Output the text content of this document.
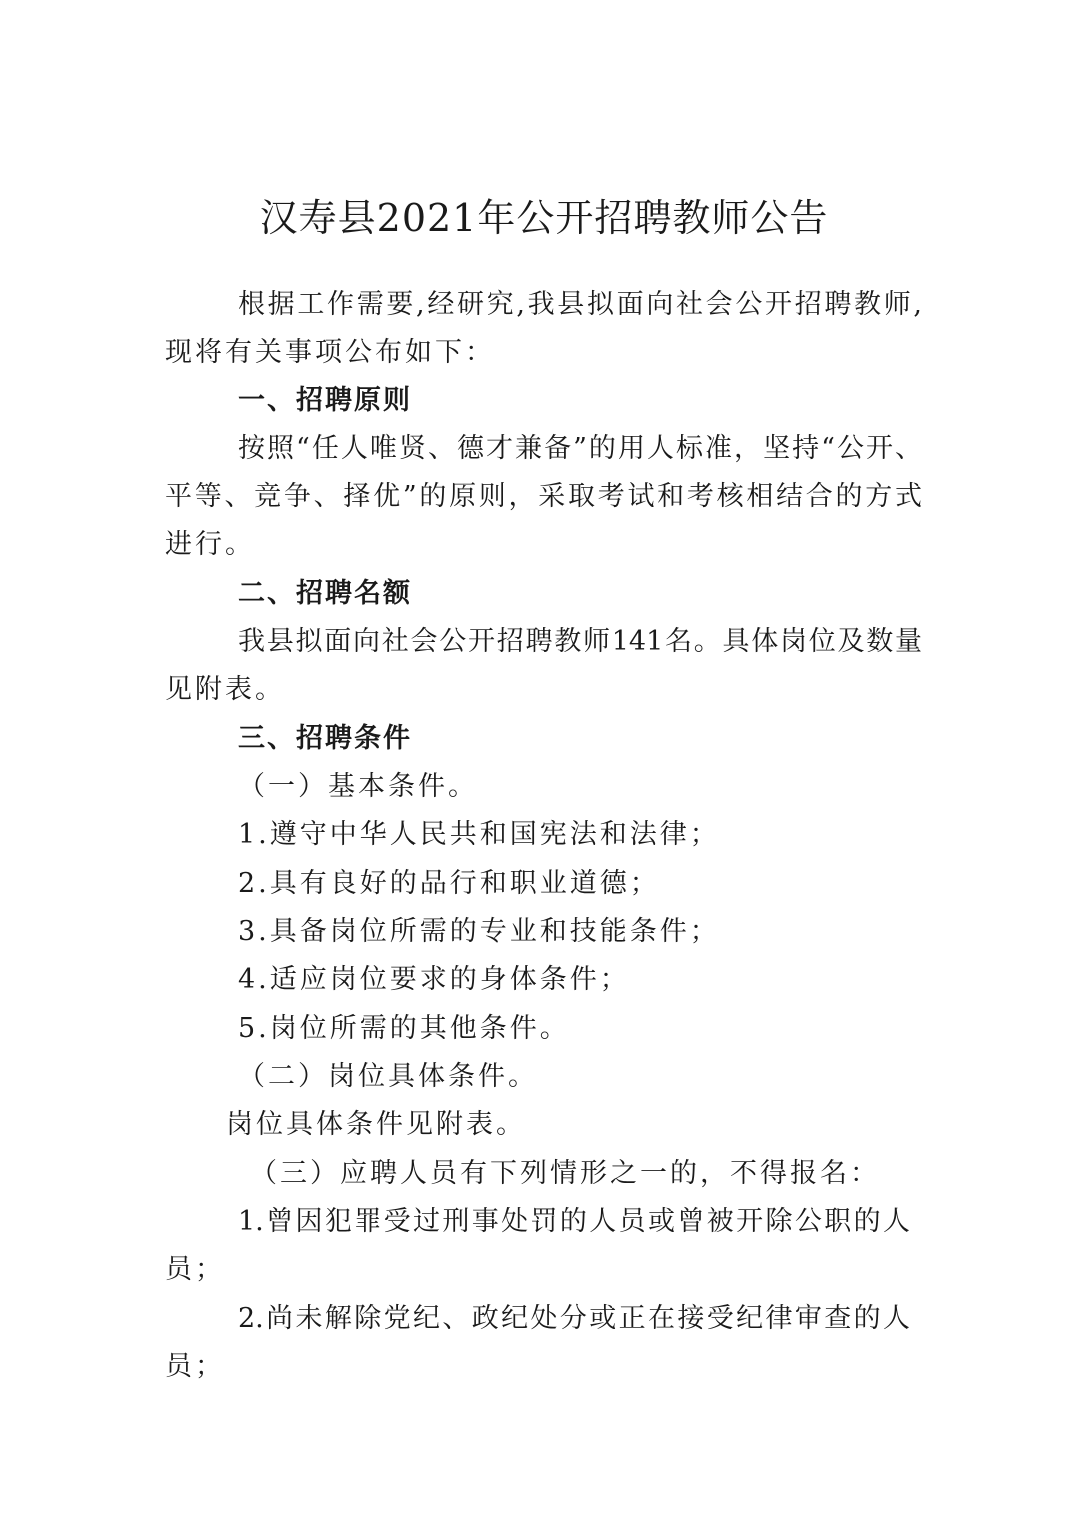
汉寿县2021年公开招聘教师公告
根据工作需要,经研究,我县拟面向社会公开招聘教师,
现将有关事项公布如下：
一、招聘原则
按照“任人唯贤、德才兼备”的用人标准，坚持“公开、
平等、竞争、择优”的原则，采取考试和考核相结合的方式
进行。
二、招聘名额
我县拟面向社会公开招聘教师141名。具体岗位及数量
见附表。
三、招聘条件
（一）基本条件。
1.遵守中华人民共和国宪法和法律；
2.具有良好的品行和职业道德；
3.具备岗位所需的专业和技能条件；
4.适应岗位要求的身体条件；
5.岗位所需的其他条件。
（二）岗位具体条件。
岗位具体条件见附表。
（三）应聘人员有下列情形之一的，不得报名：
1.曾因犯罪受过刑事处罚的人员或曾被开除公职的人
员；
2.尚未解除党纪、政纪处分或正在接受纪律审查的人
员；
